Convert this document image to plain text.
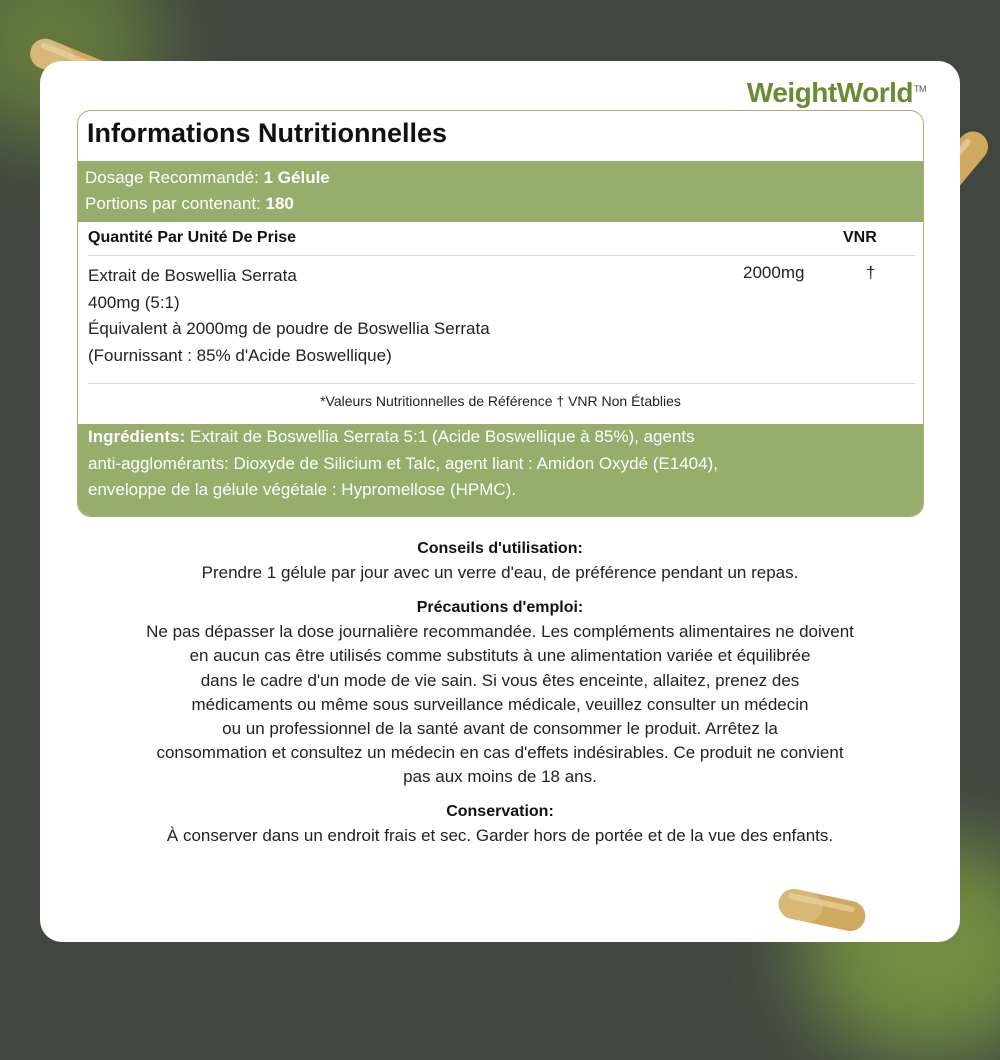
WeightWorld™
Informations Nutritionnelles
Dosage Recommandé: 1 Gélule
Portions par contenant: 180
Quantité Par Unité De Prise	VNR
Extrait de Boswellia Serrata
400mg (5:1)
Équivalent à 2000mg de poudre de Boswellia Serrata
(Fournissant : 85% d'Acide Boswellique)
2000mg	†
*Valeurs Nutritionnelles de Référence † VNR Non Établies
Ingrédients: Extrait de Boswellia Serrata 5:1 (Acide Boswellique à 85%), agents
anti-agglomérants: Dioxyde de Silicium et Talc, agent liant : Amidon Oxydé (E1404),
enveloppe de la gélule végétale : Hypromellose (HPMC).
Conseils d'utilisation:
Prendre 1 gélule par jour avec un verre d'eau, de préférence pendant un repas.
Précautions d'emploi:
Ne pas dépasser la dose journalière recommandée. Les compléments alimentaires ne doivent
en aucun cas être utilisés comme substituts à une alimentation variée et équilibrée
dans le cadre d'un mode de vie sain. Si vous êtes enceinte, allaitez, prenez des
médicaments ou même sous surveillance médicale, veuillez consulter un médecin
ou un professionnel de la santé avant de consommer le produit. Arrêtez la
consommation et consultez un médecin en cas d'effets indésirables. Ce produit ne convient
pas aux moins de 18 ans.
Conservation:
À conserver dans un endroit frais et sec. Garder hors de portée et de la vue des enfants.
